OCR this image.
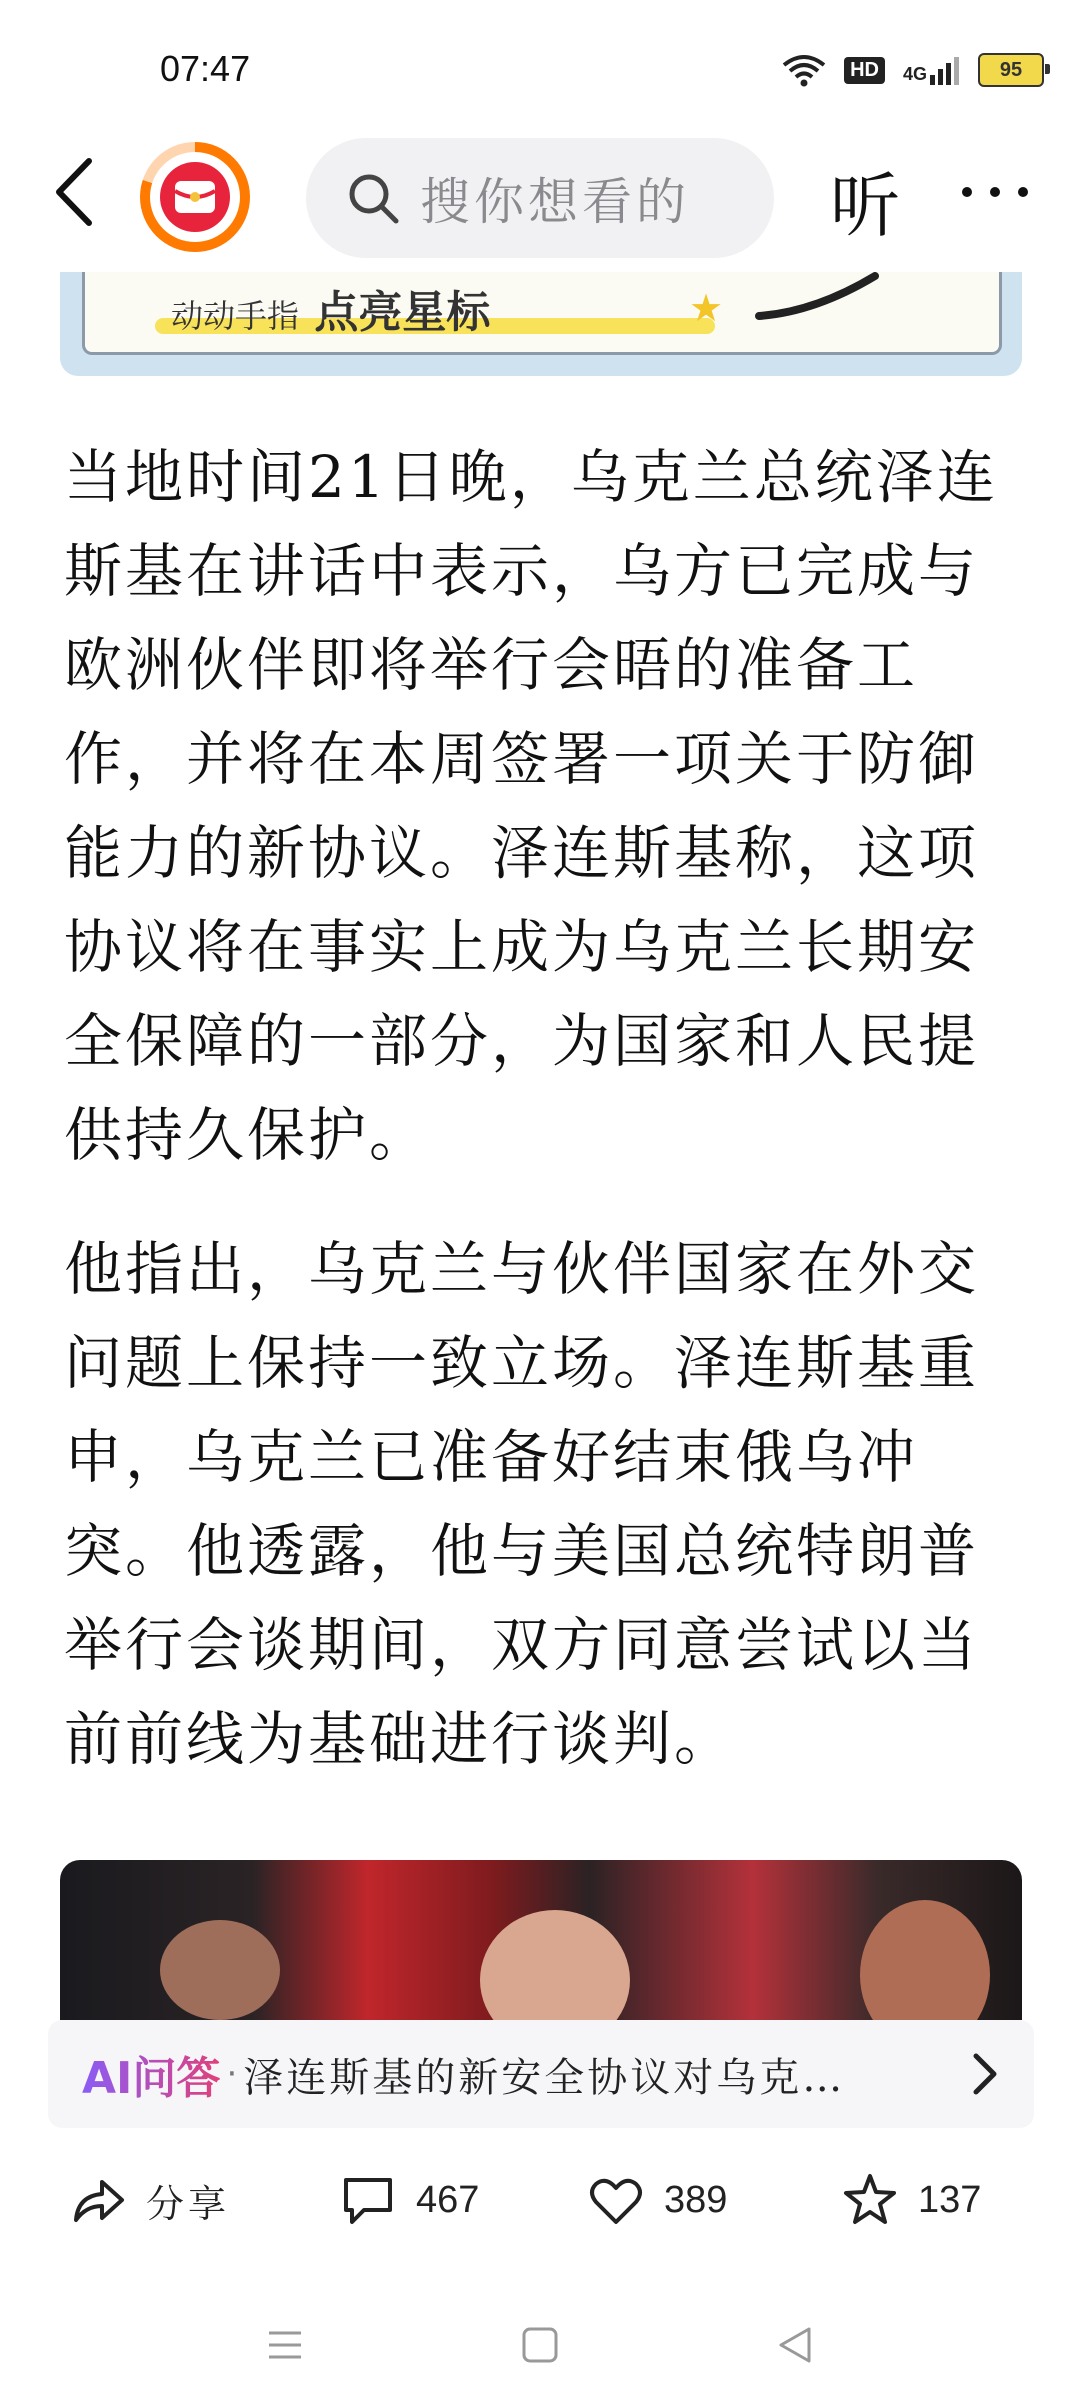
07:47	HD	4G	95
搜你想看的	听
动动手指 点亮星标	★

当地时间21日晚，乌克兰总统泽连斯基在讲话中表示，乌方已完成与欧洲伙伴即将举行会晤的准备工作，并将在本周签署一项关于防御能力的新协议。泽连斯基称，这项协议将在事实上成为乌克兰长期安全保障的一部分，为国家和人民提供持久保护。

他指出，乌克兰与伙伴国家在外交问题上保持一致立场。泽连斯基重申，乌克兰已准备好结束俄乌冲突。他透露，他与美国总统特朗普举行会谈期间，双方同意尝试以当前前线为基础进行谈判。

AI问答 · 泽连斯基的新安全协议对乌克…
分享	467	389	137
